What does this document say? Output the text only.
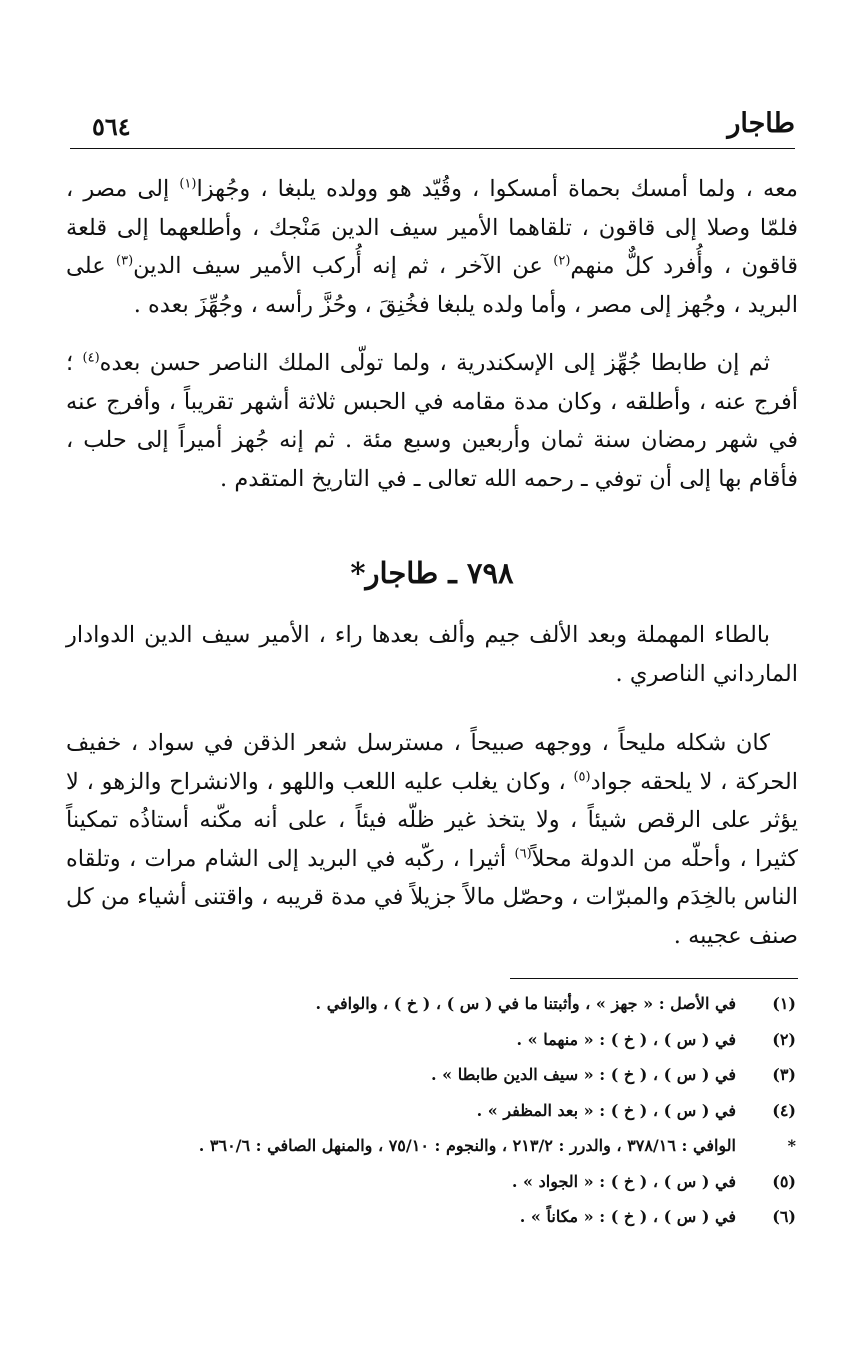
طاجار
٥٦٤

معه ، ولما أمسك بحماة أمسكوا ، وقُيّد هو وولده يلبغا ، وجُهزا$^{(١)}$ إلى مصر ، فلمّا وصلا إلى قاقون ، تلقاهما الأمير سيف الدين مَنْجك ، وأطلعهما إلى قلعة قاقون ، وأُفرد كلٌّ منهم$^{(٢)}$ عن الآخر ، ثم إنه أُركب الأمير سيف الدين$^{(٣)}$ على البريد ، وجُهز إلى مصر ، وأما ولده يلبغا فخُنِقَ ، وحُزَّ رأسه ، وجُهِّزَ بعده .

ثم إن طابطا جُهِّز إلى الإسكندرية ، ولما تولّى الملك الناصر حسن بعده$^{(٤)}$ ؛ أفرج عنه ، وأطلقه ، وكان مدة مقامه في الحبس ثلاثة أشهر تقريباً ، وأفرج عنه في شهر رمضان سنة ثمان وأربعين وسبع مئة . ثم إنه جُهز أميراً إلى حلب ، فأقام بها إلى أن توفي ـ رحمه الله تعالى ـ في التاريخ المتقدم .

٧٩٨ ـ طاجار*

بالطاء المهملة وبعد الألف جيم وألف بعدها راء ، الأمير سيف الدين الدوادار المارداني الناصري .

كان شكله مليحاً ، ووجهه صبيحاً ، مسترسل شعر الذقن في سواد ، خفيف الحركة ، لا يلحقه جواد$^{(٥)}$ ، وكان يغلب عليه اللعب واللهو ، والانشراح والزهو ، لا يؤثر على الرقص شيئاً ، ولا يتخذ غير ظلّه فيئاً ، على أنه مكّنه أستاذُه تمكيناً كثيرا ، وأحلّه من الدولة محلاً$^{(٦)}$ أثيرا ، ركّبه في البريد إلى الشام مرات ، وتلقاه الناس بالخِدَم والمبرّات ، وحصّل مالاً جزيلاً في مدة قريبه ، واقتنى أشياء من كل صنف عجيبه .

(١)
في الأصل : « جهز » ، وأثبتنا ما في ( س ) ، ( خ ) ، والوافي .
(٢)
في ( س ) ، ( خ ) : « منهما » .
(٣)
في ( س ) ، ( خ ) : « سيف الدين طابطا » .
(٤)
في ( س ) ، ( خ ) : « بعد المظفر » .
*
الوافي : ٣٧٨/١٦ ، والدرر : ٢١٣/٢ ، والنجوم : ٧٥/١٠ ، والمنهل الصافي : ٣٦٠/٦ .
(٥)
في ( س ) ، ( خ ) : « الجواد » .
(٦)
في ( س ) ، ( خ ) : « مكاناً » .
